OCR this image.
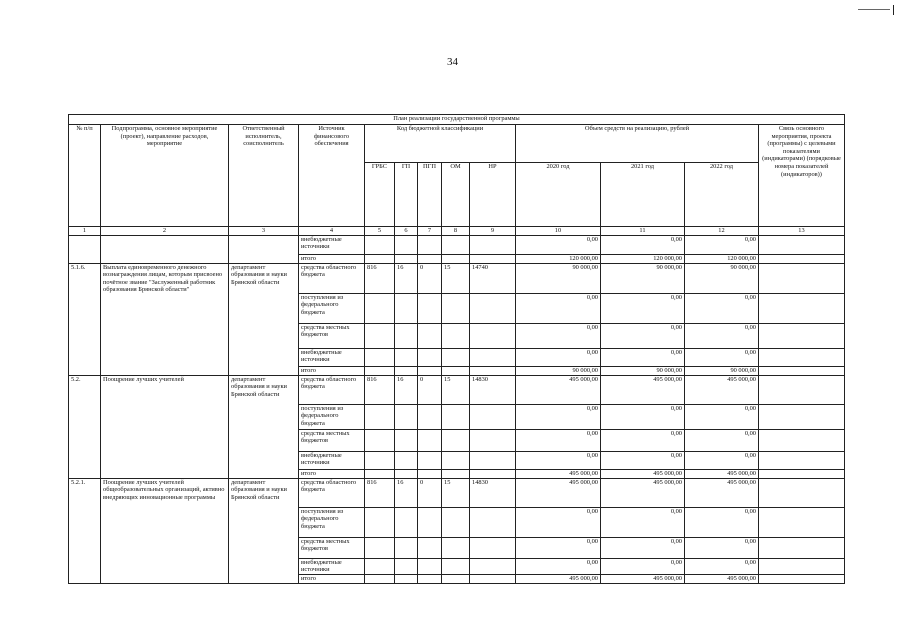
34
План реализации государственной программы												
№ п/п	Подпрограмма, основное мероприятие (проект), направление расходов, мероприятие	Ответственный исполнитель, соисполнитель	Источник финансового обеспечения	Код бюджетной классификации					Объем средств на реализацию, рублей			Связь основного мероприятия, проекта (программы) с целевыми показателями (индикаторами) (порядковые номера показателей (индикаторов))
				ГРБС	ГП	ПГП	ОМ	НР	2020 год	2021 год	2022 год	
1	2	3	4	5	6	7	8	9	10	11	12	13
			внебюджетные источники						0,00	0,00	0,00	
			итого						120 000,00	120 000,00	120 000,00	
5.1.6.	Выплата единовременного денежного вознаграждения лицам, которым присвоено почётное звание "Заслуженный работник образования Брянской области"	департамент образования и науки Брянской области	средства областного бюджета	816	16	0	15	14740	90 000,00	90 000,00	90 000,00	
			поступления из федерального бюджета						0,00	0,00	0,00	
			средства местных бюджетов						0,00	0,00	0,00	
			внебюджетные источники						0,00	0,00	0,00	
			итого						90 000,00	90 000,00	90 000,00	
5.2.	Поощрение лучших учителей	департамент образования и науки Брянской области	средства областного бюджета	816	16	0	15	14830	495 000,00	495 000,00	495 000,00	
			поступления из федерального бюджета						0,00	0,00	0,00	
			средства местных бюджетов						0,00	0,00	0,00	
			внебюджетные источники						0,00	0,00	0,00	
			итого						495 000,00	495 000,00	495 000,00	
5.2.1.	Поощрение лучших учителей общеобразовательных организаций, активно внедряющих инновационные программы	департамент образования и науки Брянской области	средства областного бюджета	816	16	0	15	14830	495 000,00	495 000,00	495 000,00	
			поступления из федерального бюджета						0,00	0,00	0,00	
			средства местных бюджетов						0,00	0,00	0,00	
			внебюджетные источники						0,00	0,00	0,00	
			итого						495 000,00	495 000,00	495 000,00	
